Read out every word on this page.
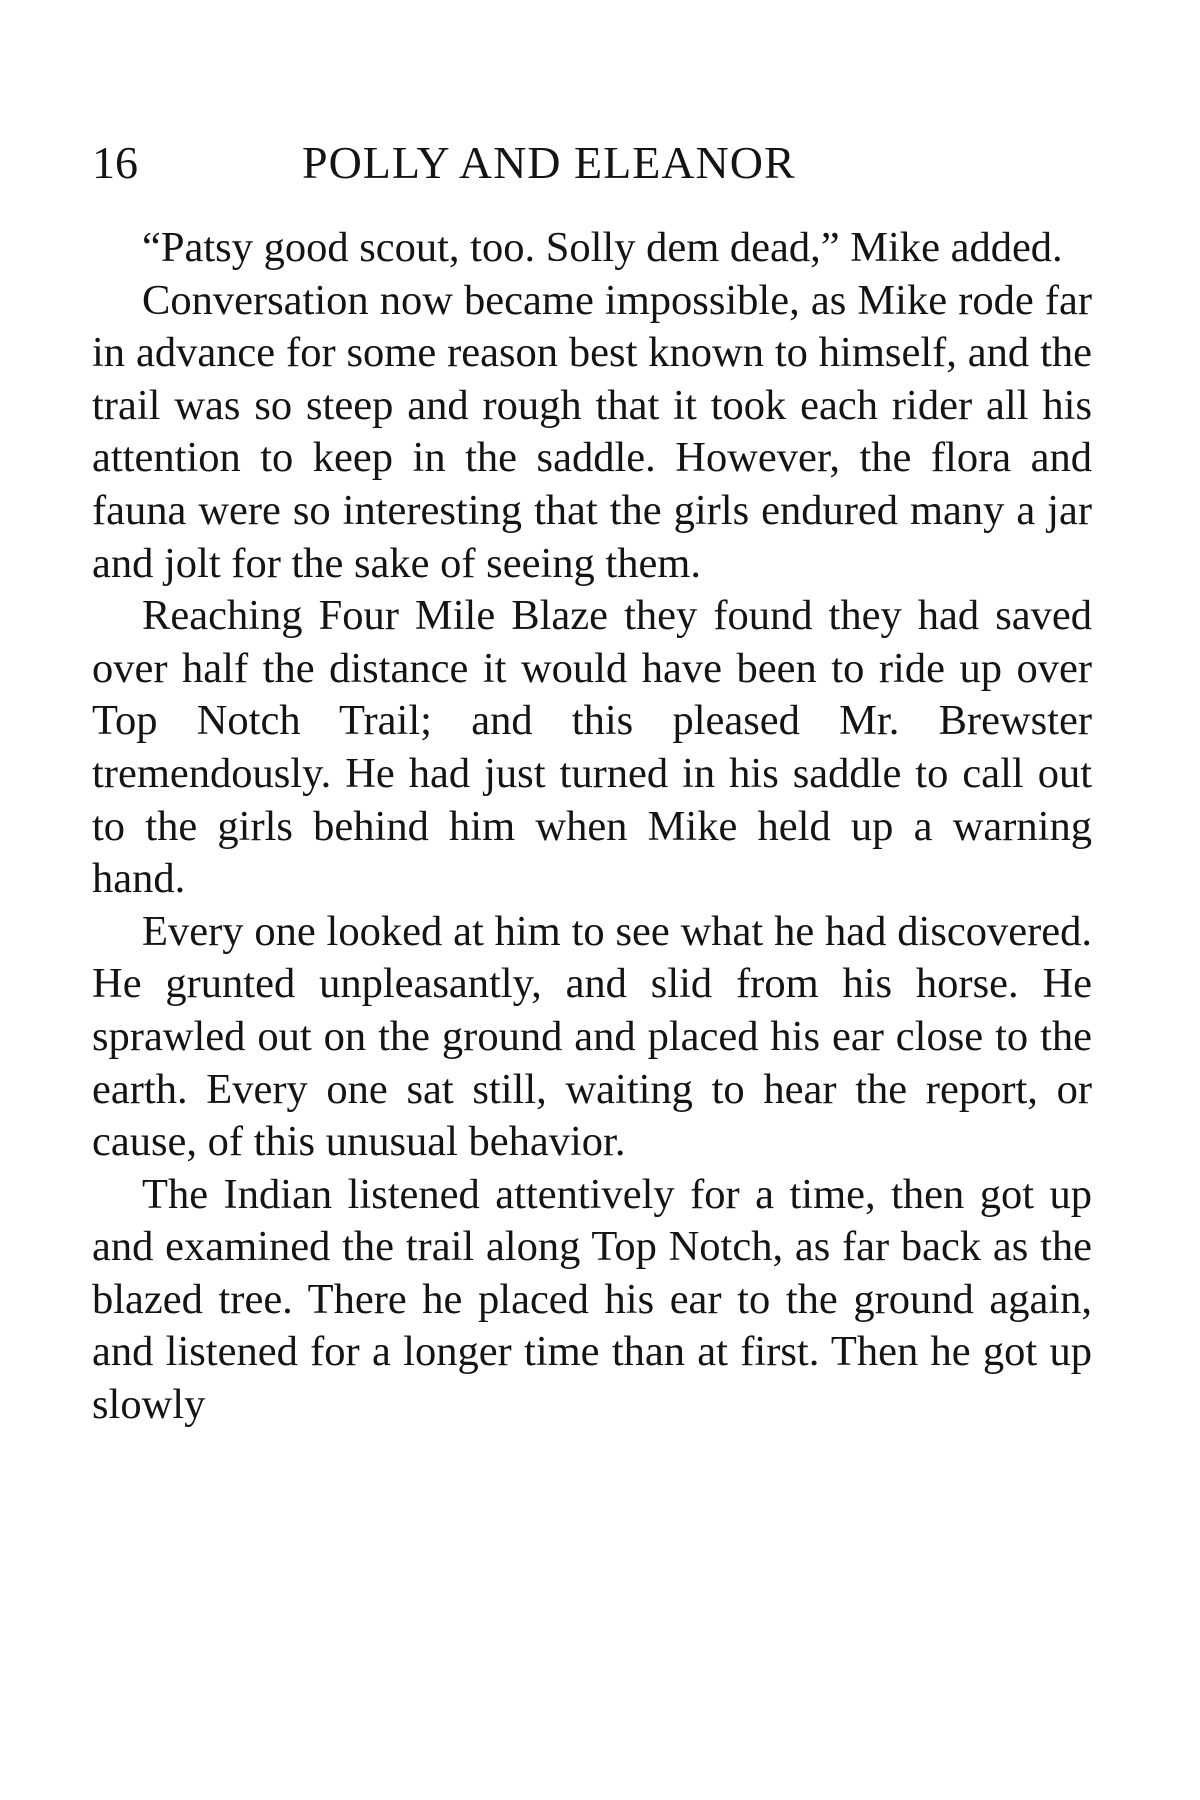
16	POLLY AND ELEANOR

“Patsy good scout, too. Solly dem dead,” Mike added.

Conversation now became impossible, as Mike rode far in advance for some reason best known to himself, and the trail was so steep and rough that it took each rider all his attention to keep in the saddle. However, the flora and fauna were so interesting that the girls endured many a jar and jolt for the sake of seeing them.

Reaching Four Mile Blaze they found they had saved over half the distance it would have been to ride up over Top Notch Trail; and this pleased Mr. Brewster tremendously. He had just turned in his saddle to call out to the girls behind him when Mike held up a warning hand.

Every one looked at him to see what he had discovered. He grunted unpleasantly, and slid from his horse. He sprawled out on the ground and placed his ear close to the earth. Every one sat still, waiting to hear the report, or cause, of this unusual behavior.

The Indian listened attentively for a time, then got up and examined the trail along Top Notch, as far back as the blazed tree. There he placed his ear to the ground again, and listened for a longer time than at first. Then he got up slowly
